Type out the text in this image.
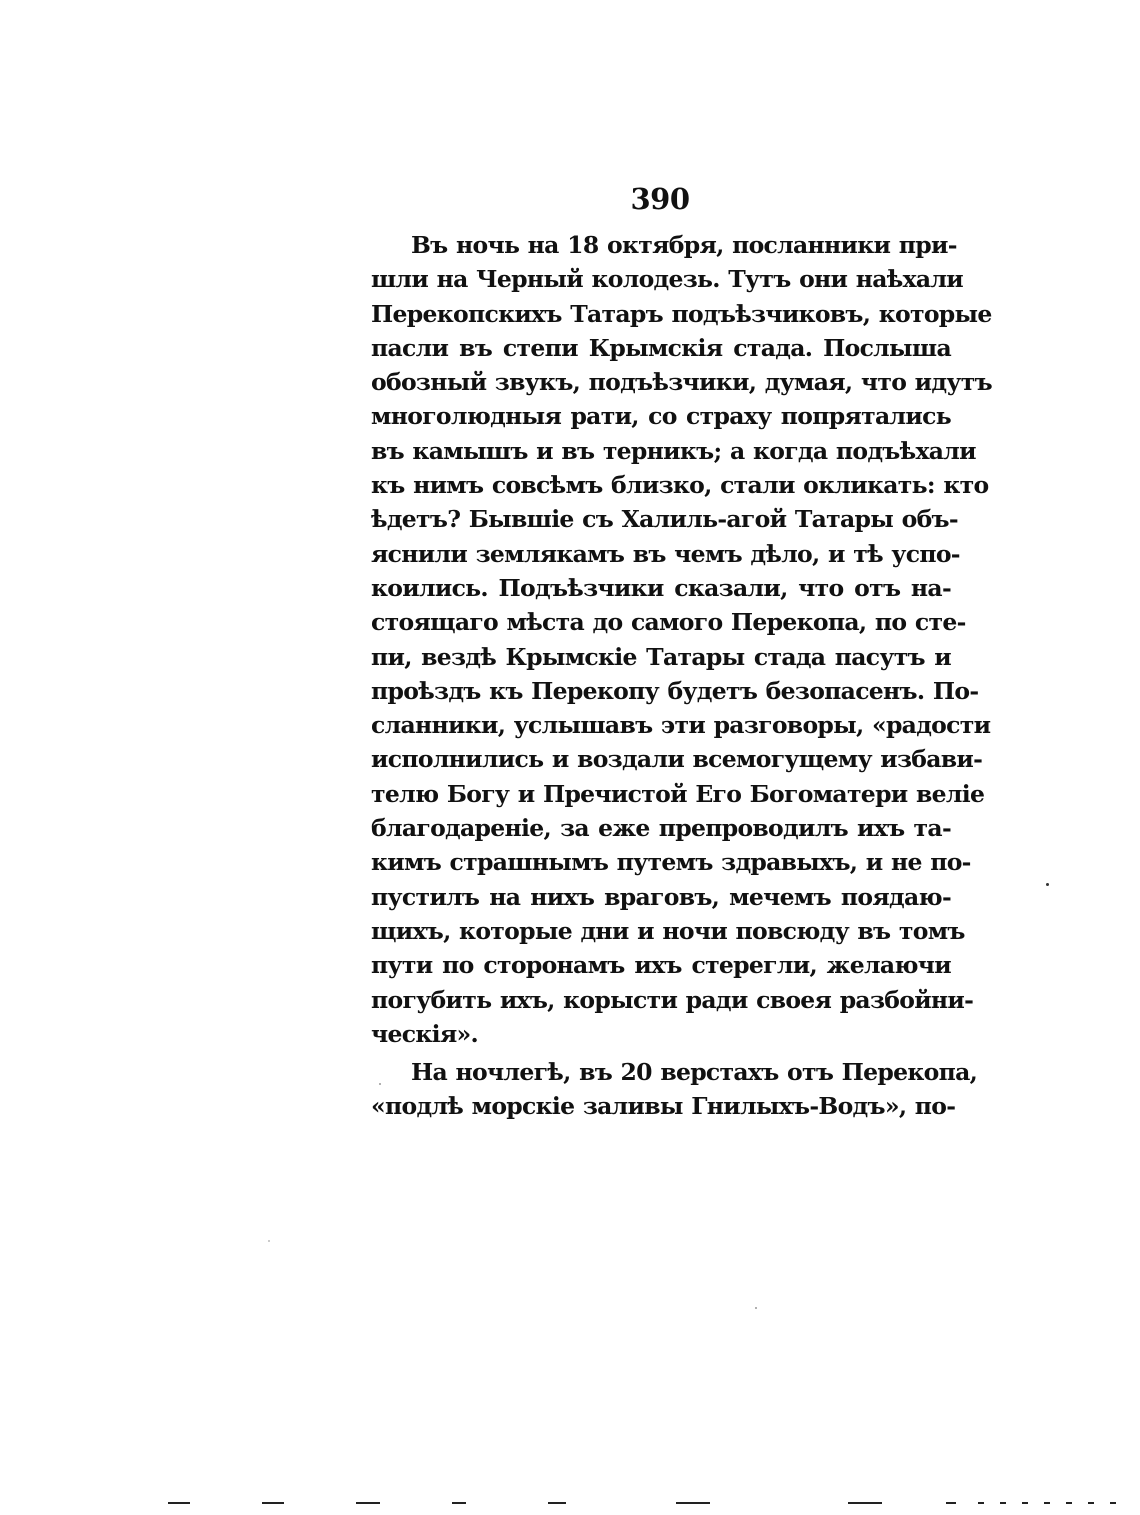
390
Въ ночь на 18 октября, посланники при-
шли на Черный колодезь. Тутъ они наѣхали
Перекопскихъ Татаръ подъѣзчиковъ, которые
пасли въ степи Крымскія стада. Послыша
обозный звукъ, подъѣзчики, думая, что идутъ
многолюдныя рати, со страху попрятались
въ камышъ и въ терникъ; а когда подъѣхали
къ нимъ совсѣмъ близко, стали окликать: кто
ѣдетъ? Бывшіе съ Халиль-агой Татары объ-
яснили землякамъ въ чемъ дѣло, и тѣ успо-
коились. Подъѣзчики сказали, что отъ на-
стоящаго мѣста до самого Перекопа, по сте-
пи, вездѣ Крымскіе Татары стада пасутъ и
проѣздъ къ Перекопу будетъ безопасенъ. По-
сланники, услышавъ эти разговоры, «радости
исполнились и воздали всемогущему избави-
телю Богу и Пречистой Его Богоматери веліе
благодареніе, за еже препроводилъ ихъ та-
кимъ страшнымъ путемъ здравыхъ, и не по-
пустилъ на нихъ враговъ, мечемъ поядаю-
щихъ, которые дни и ночи повсюду въ томъ
пути по сторонамъ ихъ стерегли, желаючи
погубить ихъ, корысти ради своея разбойни-
ческія».
На ночлегѣ, въ 20 верстахъ отъ Перекопа,
«подлѣ морскіе заливы Гнилыхъ-Водъ», по-
